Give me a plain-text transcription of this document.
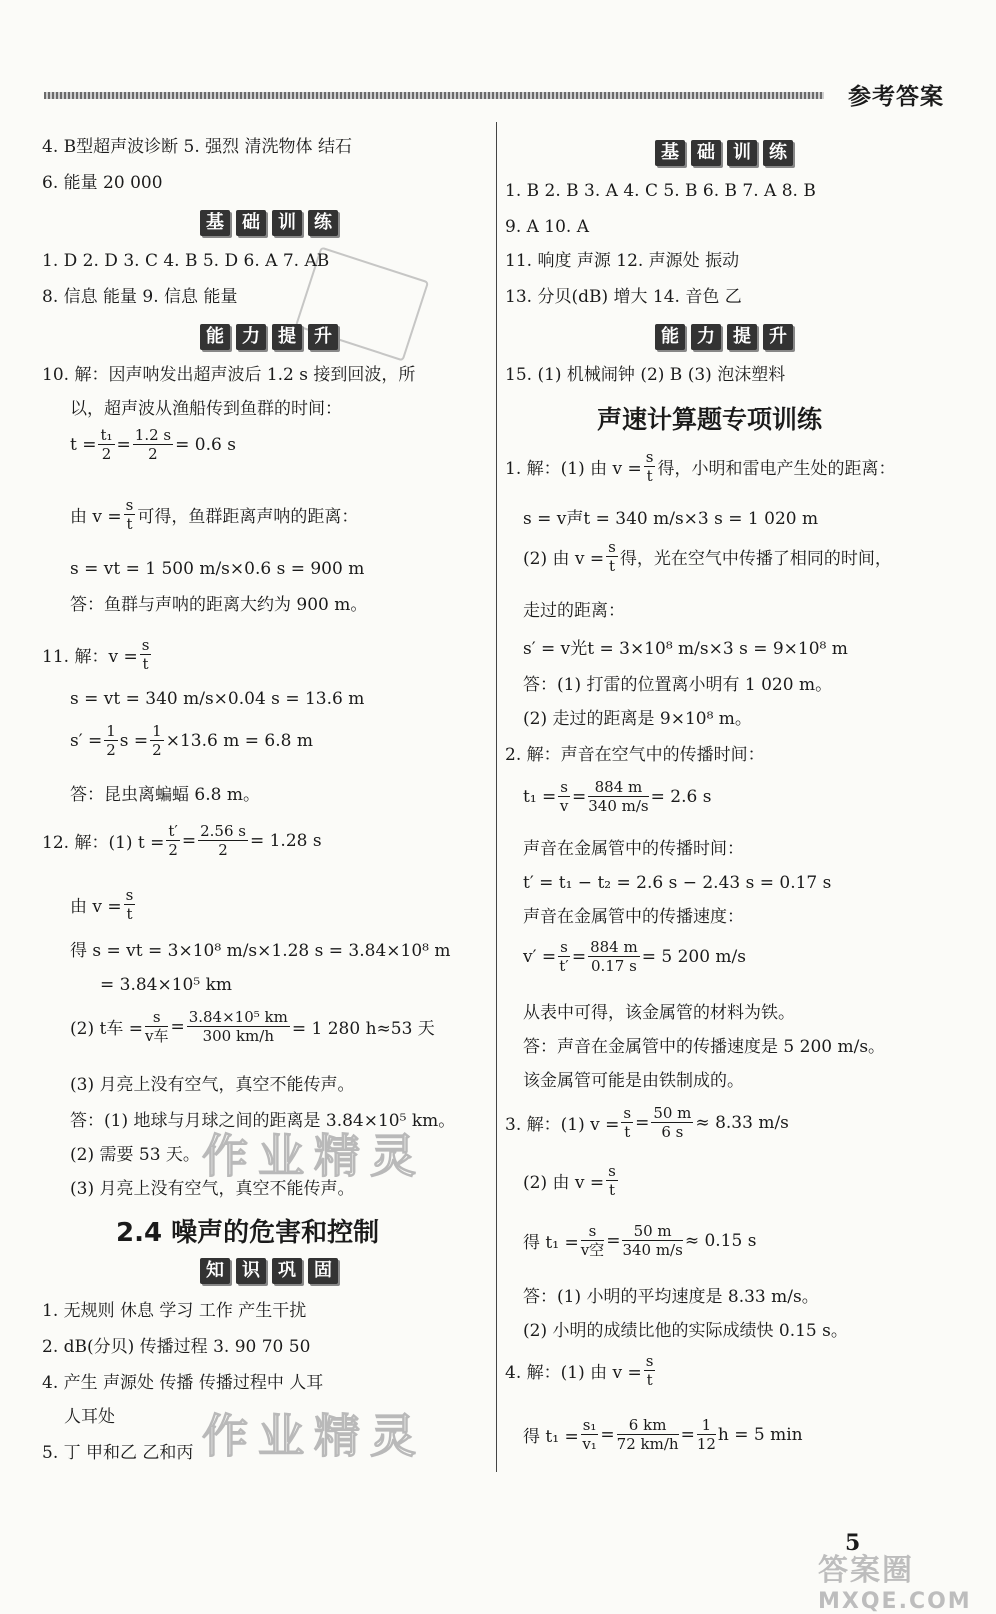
参考答案
4. B型超声波诊断 5. 强烈 清洗物体 结石
6. 能量 20 000
基	础	训	练
1. D 2. D 3. C 4. B 5. D 6. A 7. AB
8. 信息 能量 9. 信息 能量
能	力	提	升
10. 解：因声呐发出超声波后 1.2 s 接到回波，所
以，超声波从渔船传到鱼群的时间：
$t = \frac{\text{t₁}}{2} = \frac{1.2 s}{2} = 0.6$ s
由 $v = \frac{s}{t}$ 可得，鱼群距离声呐的距离：
s = vt = 1 500 m/s×0.6 s = 900 m
答：鱼群与声呐的距离大约为 900 m。
11. 解：$v = \frac{s}{t}$
s = vt = 340 m/s×0.04 s = 13.6 m
$s' = \frac{1}{2}$ $s = \frac{1}{2} \times 13.6$ m = 6.8 m
答：昆虫离蝙蝠 6.8 m。
12. 解：(1) $t = \frac{t'}{2} = \frac{2.56 s}{2} = 1.28$ s
由 $v = \frac{s}{t}$
得 s = vt = 3×10⁸ m/s×1.28 s = 3.84×10⁸ m
= 3.84×10⁵ km
(2) t车 = $\frac{s}{\text{v车}} = \frac{\text{3.84×10⁵ km}}{300 km/h} = 1$ 280 h≈53 天
(3) 月亮上没有空气，真空不能传声。
答：(1) 地球与月球之间的距离是 3.84×10⁵ km。
(2) 需要 53 天。
(3) 月亮上没有空气，真空不能传声。
2.4 噪声的危害和控制
知	识	巩	固
1. 无规则 休息 学习 工作 产生干扰
2. dB(分贝) 传播过程 3. 90 70 50
4. 产生 声源处 传播 传播过程中 人耳
人耳处
5. 丁 甲和乙 乙和丙
作业精灵
作业精灵
基	础	训	练
1. B 2. B 3. A 4. C 5. B 6. B 7. A 8. B
9. A 10. A
11. 响度 声源 12. 声源处 振动
13. 分贝(dB) 增大 14. 音色 乙
能	力	提	升
15. (1) 机械闹钟 (2) B (3) 泡沫塑料
声速计算题专项训练
1. 解：(1) 由 $v = \frac{s}{t}$ 得，小明和雷电产生处的距离：
s = v声t = 340 m/s×3 s = 1 020 m
(2) 由 $v = \frac{s}{t}$ 得，光在空气中传播了相同的时间，
走过的距离：
s′ = v光t = 3×10⁸ m/s×3 s = 9×10⁸ m
答：(1) 打雷的位置离小明有 1 020 m。
(2) 走过的距离是 9×10⁸ m。
2. 解：声音在空气中的传播时间：
$t_1 = \frac{s}{v} = \frac{884 m}{340 m/s} = 2.6$ s
声音在金属管中的传播时间：
t′ = t₁ − t₂ = 2.6 s − 2.43 s = 0.17 s
声音在金属管中的传播速度：
$v' = \frac{s}{t'} = \frac{884 m}{0.17 s} = 5$ 200 m/s
从表中可得，该金属管的材料为铁。
答：声音在金属管中的传播速度是 5 200 m/s。
该金属管可能是由铁制成的。
3. 解：(1) $v = \frac{s}{t} = \frac{50 m}{6 s} \approx 8.33$ m/s
(2) 由 $v = \frac{s}{t}$
得 $t_1 = \frac{s}{\text{v空}} = \frac{50 m}{340 m/s} \approx 0.15$ s
答：(1) 小明的平均速度是 8.33 m/s。
(2) 小明的成绩比他的实际成绩快 0.15 s。
4. 解：(1) 由 $v = \frac{s}{t}$
得 $t_1 = \frac{\text{s₁}}{\text{v₁}} = \frac{6 km}{72 km/h} = \frac{1}{12}$ h = 5 min
5
答案圈
MXQE.COM
